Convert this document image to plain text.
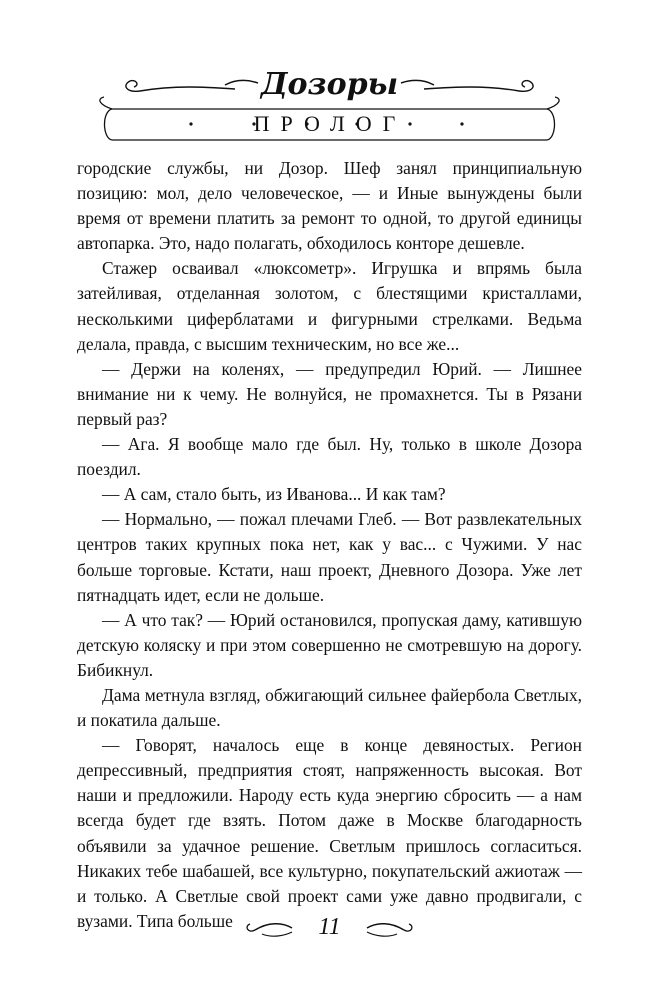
Дозоры
ПРОЛОГ

городские службы, ни Дозор. Шеф занял принципиальную позицию: мол, дело человеческое, — и Иные вынуждены были время от времени платить за ремонт то одной, то другой единицы автопарка. Это, надо полагать, обходилось конторе дешевле.

Стажер осваивал «люксометр». Игрушка и впрямь была затейливая, отделанная золотом, с блестящими кристаллами, несколькими циферблатами и фигурными стрелками. Ведьма делала, правда, с высшим техническим, но все же...

— Держи на коленях, — предупредил Юрий. — Лишнее внимание ни к чему. Не волнуйся, не промахнется. Ты в Рязани первый раз?

— Ага. Я вообще мало где был. Ну, только в школе Дозора поездил.

— А сам, стало быть, из Иванова... И как там?

— Нормально, — пожал плечами Глеб. — Вот развлекательных центров таких крупных пока нет, как у вас... с Чужими. У нас больше торговые. Кстати, наш проект, Дневного Дозора. Уже лет пятнадцать идет, если не дольше.

— А что так? — Юрий остановился, пропуская даму, катившую детскую коляску и при этом совершенно не смотревшую на дорогу. Бибикнул.

Дама метнула взгляд, обжигающий сильнее файербола Светлых, и покатила дальше.

— Говорят, началось еще в конце девяностых. Регион депрессивный, предприятия стоят, напряженность высокая. Вот наши и предложили. Народу есть куда энергию сбросить — а нам всегда будет где взять. Потом даже в Москве благодарность объявили за удачное решение. Светлым пришлось согласиться. Никаких тебе шабашей, все культурно, покупательский ажиотаж — и только. А Светлые свой проект сами уже давно продвигали, с вузами. Типа больше	11
